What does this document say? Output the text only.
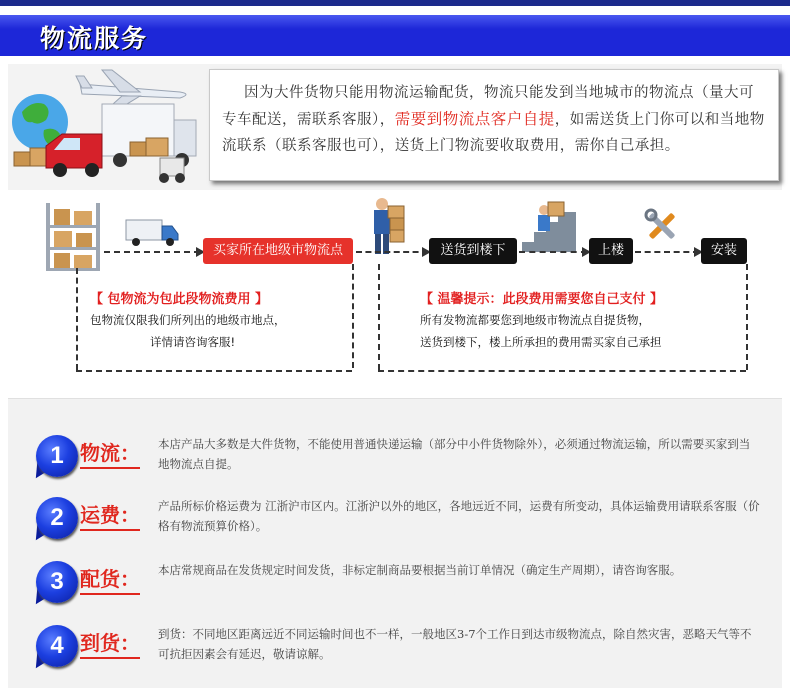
物流服务

因为大件货物只能用物流运输配货，物流只能发到当地城市的物流点（量大可专车配送，需联系客服），需要到物流点客户自提，如需送货上门你可以和当地物流联系（联系客服也可），送货上门物流要收取费用，需你自己承担。

买家所在地级市物流点	送货到楼下	上楼	安装
【 包物流为包此段物流费用 】
包物流仅限我们所列出的地级市地点，
详情请咨询客服!
【 温馨提示：此段费用需要您自己支付 】
所有发物流都要您到地级市物流点自提货物，
送货到楼下，楼上所承担的费用需买家自己承担
1 物流： 本店产品大多数是大件货物，不能使用普通快递运输（部分中小件货物除外），必须通过物流运输，所以需要买家到当地物流点自提。

2 运费： 产品所标价格运费为 江浙沪市区内。江浙沪以外的地区，各地远近不同，运费有所变动，具体运输费用请联系客服（价格有物流预算价格）。

3 配货： 本店常规商品在发货规定时间发货，非标定制商品要根据当前订单情况（确定生产周期），请咨询客服。

4 到货： 到货：不同地区距离远近不同运输时间也不一样，一般地区3-7个工作日到达市级物流点，除自然灾害，恶略天气等不可抗拒因素会有延迟，敬请谅解。
